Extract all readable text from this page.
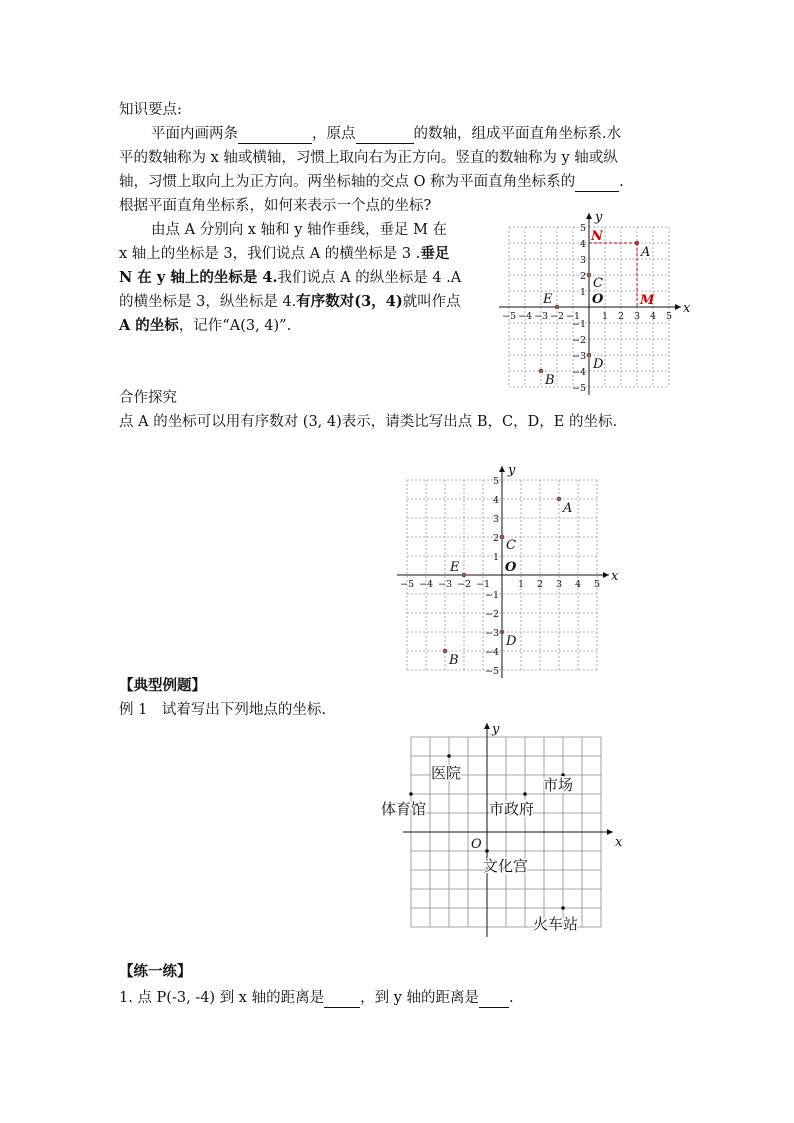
知识要点:
平面内画两条	，原点	的数轴，组成平面直角坐标系.水
平的数轴称为 x 轴或横轴，习惯上取向右为正方向。竖直的数轴称为 y 轴或纵
轴，习惯上取向上为正方向。两坐标轴的交点 O 称为平面直角坐标系的	.
根据平面直角坐标系，如何来表示一个点的坐标?
由点 A 分别向 x 轴和 y 轴作垂线，垂足 M 在
x 轴上的坐标是 3，我们说点 A 的横坐标是 3 .垂足
N 在 y 轴上的坐标是 4.我们说点 A 的纵坐标是 4 .A
的横坐标是 3，纵坐标是 4.有序数对(3，4)就叫作点
A 的坐标，记作“A(3, 4)”.
x
y
O
−5 −4 −3 −2 −1 1 2 3 4 5
5
4
3
2
1
−1
−2
−3
−4
−5
A
B
C
D
E
N
M
合作探究
点 A 的坐标可以用有序数对 (3, 4)表示，请类比写出点 B，C，D，E 的坐标.
x
y
O
−5 −4 −3 −2 −1	1 2 3 4 5
5
4
3
2
1
−1
−2
−3
−4
−5
A
B
C
D
E
【典型例题】
例 1　试着写出下列地点的坐标.
x
y
O
医院
体育馆	市政府
市场
文化宫
火车站
【练一练】
1. 点 P(-3, -4) 到 x 轴的距离是 ，到 y 轴的距离是 .
